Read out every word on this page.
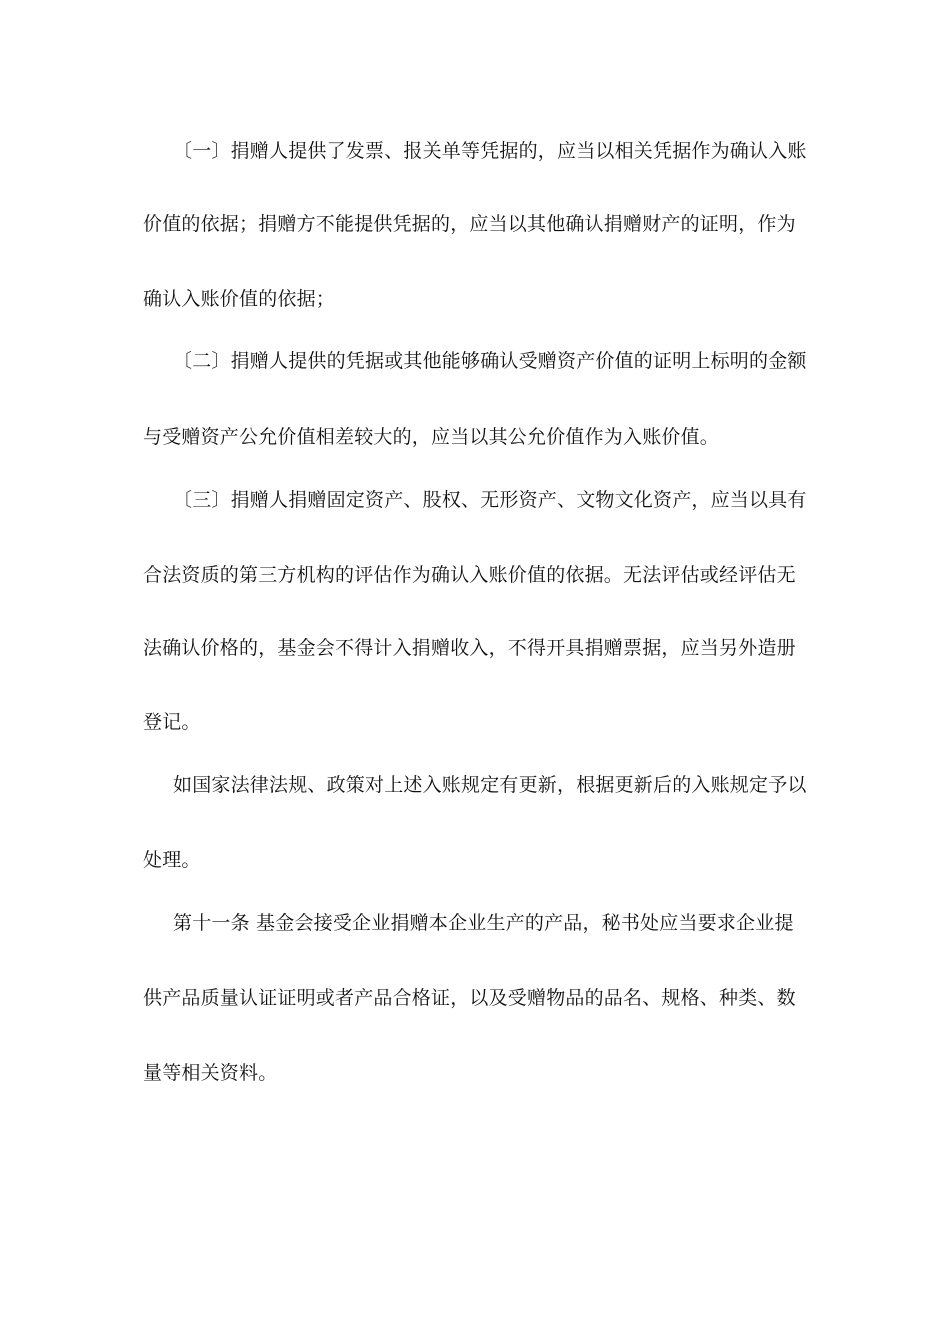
〔一〕捐赠人提供了发票、报关单等凭据的，应当以相关凭据作为确认入账

价值的依据；捐赠方不能提供凭据的，应当以其他确认捐赠财产的证明，作为

确认入账价值的依据；

〔二〕捐赠人提供的凭据或其他能够确认受赠资产价值的证明上标明的金额

与受赠资产公允价值相差较大的，应当以其公允价值作为入账价值。

〔三〕捐赠人捐赠固定资产、股权、无形资产、文物文化资产，应当以具有

合法资质的第三方机构的评估作为确认入账价值的依据。无法评估或经评估无

法确认价格的，基金会不得计入捐赠收入，不得开具捐赠票据，应当另外造册

登记。

如国家法律法规、政策对上述入账规定有更新，根据更新后的入账规定予以

处理。

第十一条 基金会接受企业捐赠本企业生产的产品，秘书处应当要求企业提

供产品质量认证证明或者产品合格证，以及受赠物品的品名、规格、种类、数

量等相关资料。
